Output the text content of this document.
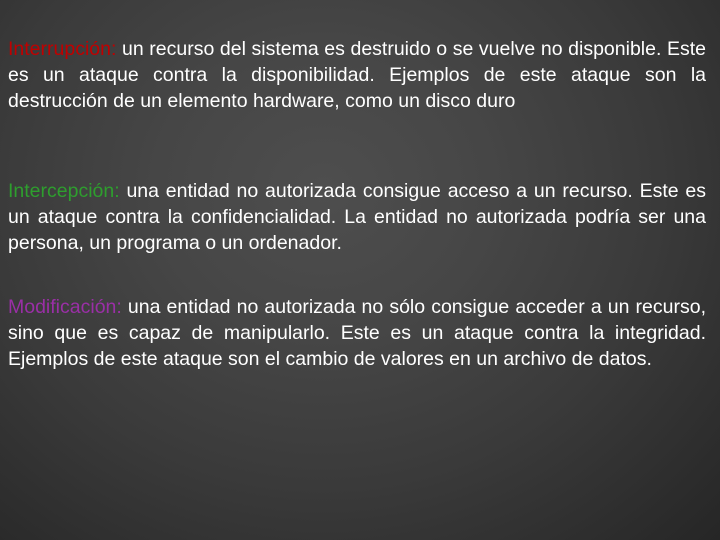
Interrupción: un recurso del sistema es destruido o se vuelve no disponible. Este es un ataque contra la disponibilidad. Ejemplos de este ataque son la destrucción de un elemento hardware, como un disco duro

Intercepción: una entidad no autorizada consigue acceso a un recurso. Este es un ataque contra la confidencialidad. La entidad no autorizada podría ser una persona, un programa o un ordenador.

Modificación: una entidad no autorizada no sólo consigue acceder a un recurso, sino que es capaz de manipularlo. Este es un ataque contra la integridad. Ejemplos de este ataque son el cambio de valores en un archivo de datos.
